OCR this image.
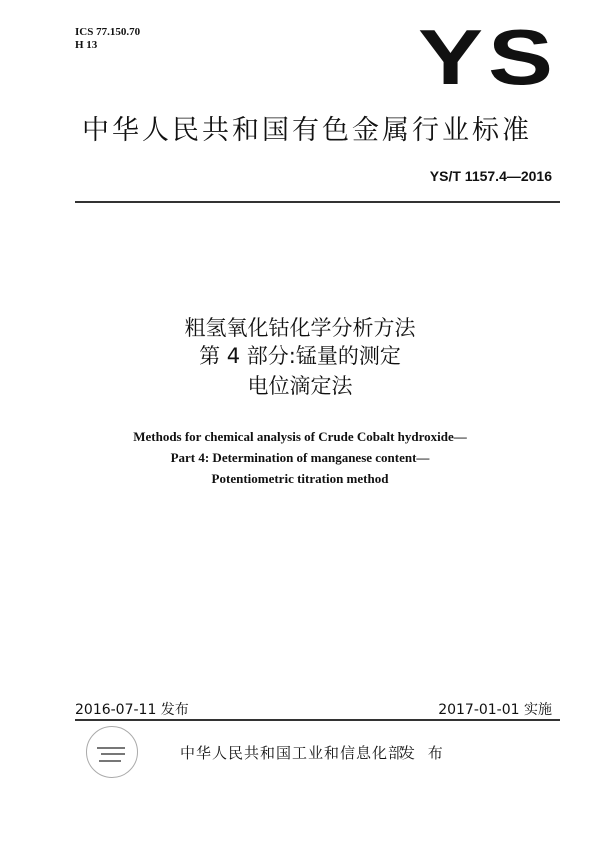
ICS 77.150.70
H 13	YS
中华人民共和国有色金属行业标准
YS/T 1157.4—2016
粗氢氧化钴化学分析方法
第 4 部分:锰量的测定
电位滴定法
Methods for chemical analysis of Crude Cobalt hydroxide—
Part 4: Determination of manganese content—
Potentiometric titration method
2016-07-11 发布	2017-01-01 实施
中华人民共和国工业和信息化部
发 布
